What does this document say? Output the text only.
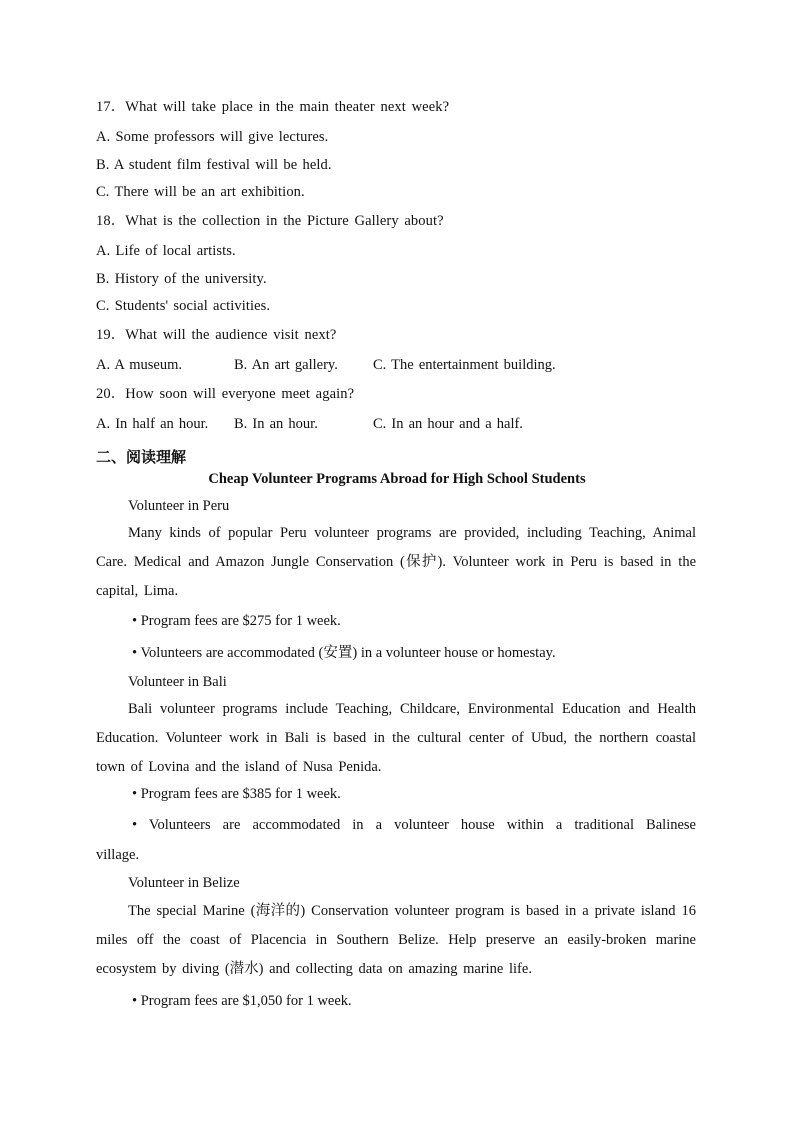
17．What will take place in the main theater next week?
A. Some professors will give lectures.
B. A student film festival will be held.
C. There will be an art exhibition.
18．What is the collection in the Picture Gallery about?
A. Life of local artists.
B. History of the university.
C. Students' social activities.
19．What will the audience visit next?
A. A museum.	B. An art gallery. C. The entertainment building.
20．How soon will everyone meet again?
A. In half an hour. B. In an hour.	C. In an hour and a half.
二、阅读理解
Cheap Volunteer Programs Abroad for High School Students
Volunteer in Peru
Many kinds of popular Peru volunteer programs are provided, including Teaching, Animal Care. Medical and Amazon Jungle Conservation (保护). Volunteer work in Peru is based in the capital, Lima.
• Program fees are $275 for 1 week.
• Volunteers are accommodated (安置) in a volunteer house or homestay.
Volunteer in Bali
Bali volunteer programs include Teaching, Childcare, Environmental Education and Health Education. Volunteer work in Bali is based in the cultural center of Ubud, the northern coastal town of Lovina and the island of Nusa Penida.
• Program fees are $385 for 1 week.
• Volunteers are accommodated in a volunteer house within a traditional Balinese village.
Volunteer in Belize
The special Marine (海洋的) Conservation volunteer program is based in a private island 16 miles off the coast of Placencia in Southern Belize. Help preserve an easily-broken marine ecosystem by diving (潜水) and collecting data on amazing marine life.
• Program fees are $1,050 for 1 week.
